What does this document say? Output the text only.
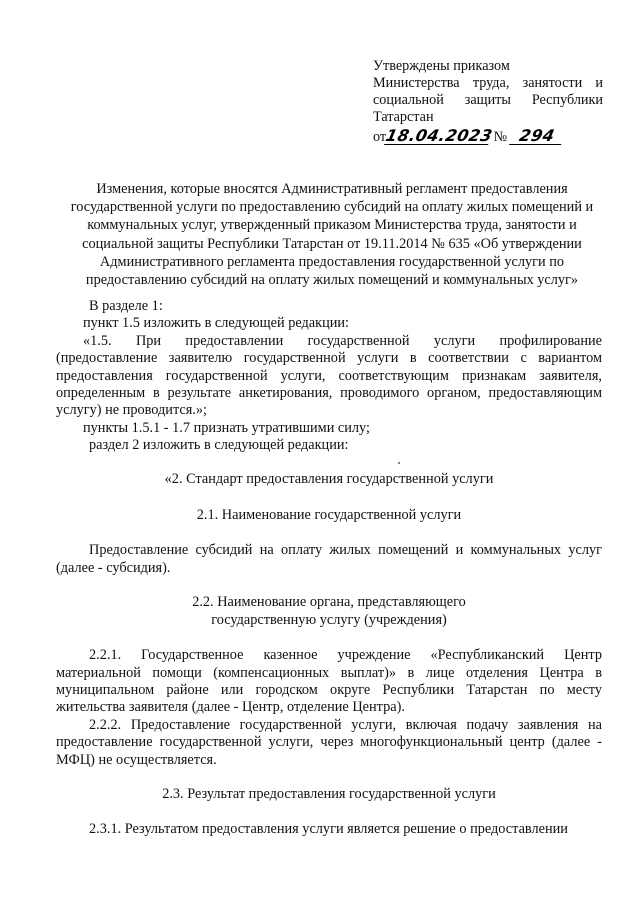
Утверждены приказом
Министерства труда, занятости и
социальной защиты Республики
Татарстан
от18.04.2023 № 294
Изменения, которые вносятся Административный регламент предоставления государственной услуги по предоставлению субсидий на оплату жилых помещений и коммунальных услуг, утвержденный приказом Министерства труда, занятости и социальной защиты Республики Татарстан от 19.11.2014 № 635 «Об утверждении Административного регламента предоставления государственной услуги по предоставлению субсидий на оплату жилых помещений и коммунальных услуг»

В разделе 1:

пункт 1.5 изложить в следующей редакции:

«1.5. При предоставлении государственной услуги профилирование (предоставление заявителю государственной услуги в соответствии с вариантом предоставления государственной услуги, соответствующим признакам заявителя, определенным в результате анкетирования, проводимого органом, предоставляющим услугу) не проводится.»;

пункты 1.5.1 - 1.7 признать утратившими силу;

раздел 2 изложить в следующей редакции:

«2. Стандарт предоставления государственной услуги

2.1. Наименование государственной услуги

Предоставление субсидий на оплату жилых помещений и коммунальных услуг (далее - субсидия).

2.2. Наименование органа, представляющего

государственную услугу (учреждения)

2.2.1. Государственное казенное учреждение «Республиканский Центр материальной помощи (компенсационных выплат)» в лице отделения Центра в муниципальном районе или городском округе Республики Татарстан по месту жительства заявителя (далее - Центр, отделение Центра).

2.2.2. Предоставление государственной услуги, включая подачу заявления на предоставление государственной услуги, через многофункциональный центр (далее - МФЦ) не осуществляется.

2.3. Результат предоставления государственной услуги

2.3.1. Результатом предоставления услуги является решение о предоставлении
